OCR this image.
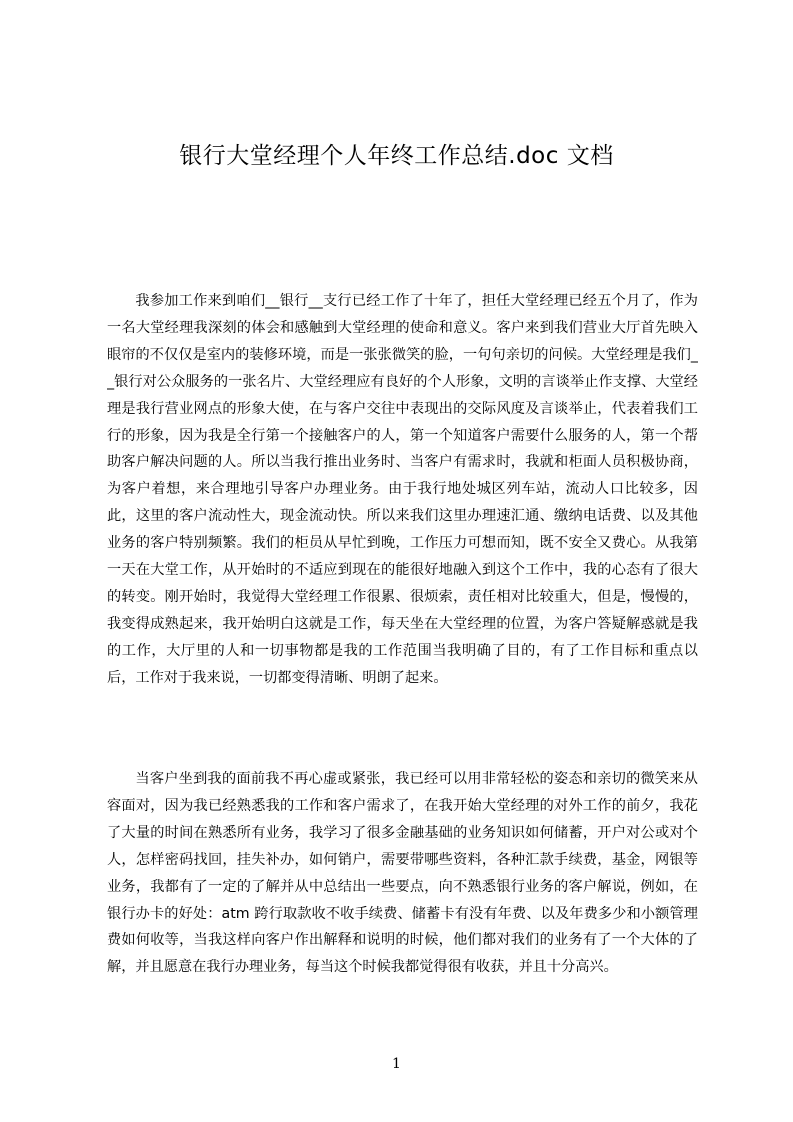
银行大堂经理个人年终工作总结.doc 文档

我参加工作来到咱们__银行__支行已经工作了十年了，担任大堂经理已经五个月了，作为一名大堂经理我深刻的体会和感触到大堂经理的使命和意义。客户来到我们营业大厅首先映入眼帘的不仅仅是室内的装修环境，而是一张张微笑的脸，一句句亲切的问候。大堂经理是我们__银行对公众服务的一张名片、大堂经理应有良好的个人形象，文明的言谈举止作支撑、大堂经理是我行营业网点的形象大使，在与客户交往中表现出的交际风度及言谈举止，代表着我们工行的形象，因为我是全行第一个接触客户的人，第一个知道客户需要什么服务的人，第一个帮助客户解决问题的人。所以当我行推出业务时、当客户有需求时，我就和柜面人员积极协商，为客户着想，来合理地引导客户办理业务。由于我行地处城区列车站，流动人口比较多，因此，这里的客户流动性大，现金流动快。所以来我们这里办理速汇通、缴纳电话费、以及其他业务的客户特别频繁。我们的柜员从早忙到晚，工作压力可想而知，既不安全又费心。从我第一天在大堂工作，从开始时的不适应到现在的能很好地融入到这个工作中，我的心态有了很大的转变。刚开始时，我觉得大堂经理工作很累、很烦索，责任相对比较重大，但是，慢慢的，我变得成熟起来，我开始明白这就是工作，每天坐在大堂经理的位置，为客户答疑解惑就是我的工作，大厅里的人和一切事物都是我的工作范围当我明确了目的，有了工作目标和重点以后，工作对于我来说，一切都变得清晰、明朗了起来。

当客户坐到我的面前我不再心虚或紧张，我已经可以用非常轻松的姿态和亲切的微笑来从容面对，因为我已经熟悉我的工作和客户需求了，在我开始大堂经理的对外工作的前夕，我花了大量的时间在熟悉所有业务，我学习了很多金融基础的业务知识如何储蓄，开户对公或对个人，怎样密码找回，挂失补办，如何销户，需要带哪些资料，各种汇款手续费，基金，网银等业务，我都有了一定的了解并从中总结出一些要点，向不熟悉银行业务的客户解说，例如，在银行办卡的好处：atm 跨行取款收不收手续费、储蓄卡有没有年费、以及年费多少和小额管理费如何收等，当我这样向客户作出解释和说明的时候，他们都对我们的业务有了一个大体的了解，并且愿意在我行办理业务，每当这个时候我都觉得很有收获，并且十分高兴。

1
